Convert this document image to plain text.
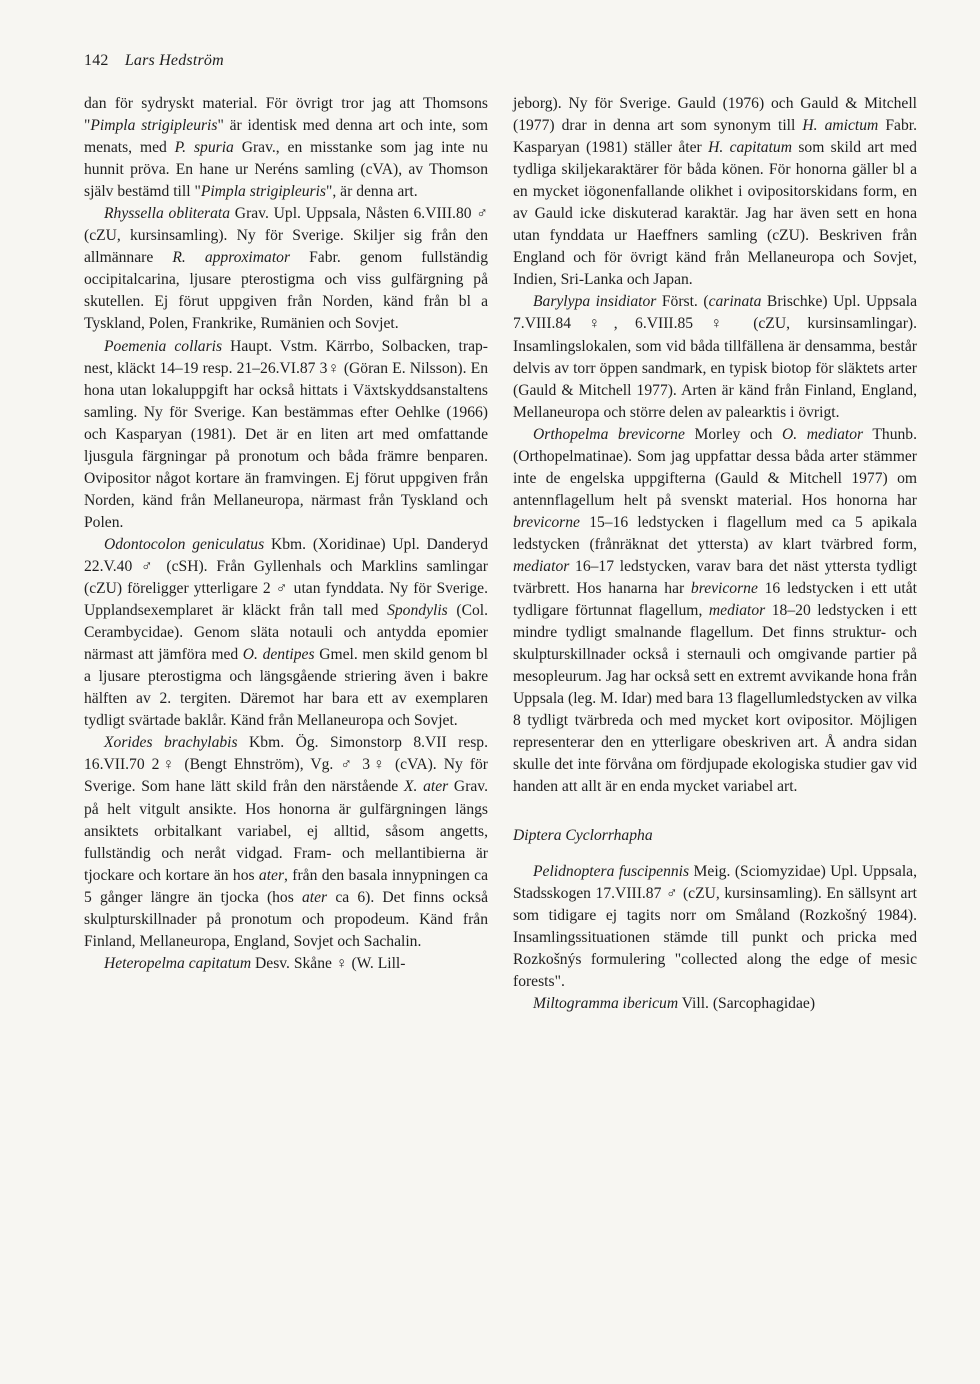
142 Lars Hedström

dan för sydryskt material. För övrigt tror jag att Thomsons "Pimpla strigipleuris" är identisk med denna art och inte, som menats, med P. spuria Grav., en misstanke som jag inte nu hunnit pröva. En hane ur Neréns samling (cVA), av Thomson själv bestämd till "Pimpla strigipleuris", är denna art.

Rhyssella obliterata Grav. Upl. Uppsala, Nåsten 6.VIII.80 ♂ (cZU, kursinsamling). Ny för Sverige. Skiljer sig från den allmännare R. approximator Fabr. genom fullständig occipitalcarina, ljusare pterostigma och viss gulfärgning på skutellen. Ej förut uppgiven från Norden, känd från bl a Tyskland, Polen, Frankrike, Rumänien och Sovjet.

Poemenia collaris Haupt. Vstm. Kärrbo, Solbacken, trap-nest, kläckt 14–19 resp. 21–26.VI.87 3♀ (Göran E. Nilsson). En hona utan lokaluppgift har också hittats i Växtskyddsanstaltens samling. Ny för Sverige. Kan bestämmas efter Oehlke (1966) och Kasparyan (1981). Det är en liten art med omfattande ljusgula färgningar på pronotum och båda främre benparen. Ovipositor något kortare än framvingen. Ej förut uppgiven från Norden, känd från Mellaneuropa, närmast från Tyskland och Polen.

Odontocolon geniculatus Kbm. (Xoridinae) Upl. Danderyd 22.V.40 ♂ (cSH). Från Gyllenhals och Marklins samlingar (cZU) föreligger ytterligare 2 ♂ utan fynddata. Ny för Sverige. Upplandsexemplaret är kläckt från tall med Spondylis (Col. Cerambycidae). Genom släta notauli och antydda epomier närmast att jämföra med O. dentipes Gmel. men skild genom bl a ljusare pterostigma och längsgående striering även i bakre hälften av 2. tergiten. Däremot har bara ett av exemplaren tydligt svärtade baklår. Känd från Mellaneuropa och Sovjet.

Xorides brachylabis Kbm. Ög. Simonstorp 8.VII resp. 16.VII.70 2♀ (Bengt Ehnström), Vg. ♂ 3♀ (cVA). Ny för Sverige. Som hane lätt skild från den närstående X. ater Grav. på helt vitgult ansikte. Hos honorna är gulfärgningen längs ansiktets orbitalkant variabel, ej alltid, såsom angetts, fullständig och neråt vidgad. Fram- och mellantibierna är tjockare och kortare än hos ater, från den basala innypningen ca 5 gånger längre än tjocka (hos ater ca 6). Det finns också skulpturskillnader på pronotum och propodeum. Känd från Finland, Mellaneuropa, England, Sovjet och Sachalin.

Heteropelma capitatum Desv. Skåne ♀ (W. Lill-

jeborg). Ny för Sverige. Gauld (1976) och Gauld & Mitchell (1977) drar in denna art som synonym till H. amictum Fabr. Kasparyan (1981) ställer åter H. capitatum som skild art med tydliga skiljekaraktärer för båda könen. För honorna gäller bl a en mycket iögonenfallande olikhet i ovipositorskidans form, en av Gauld icke diskuterad karaktär. Jag har även sett en hona utan fynddata ur Haeffners samling (cZU). Beskriven från England och för övrigt känd från Mellaneuropa och Sovjet, Indien, Sri-Lanka och Japan.

Barylypa insidiator Först. (carinata Brischke) Upl. Uppsala 7.VIII.84 ♀, 6.VIII.85 ♀ (cZU, kursinsamlingar). Insamlingslokalen, som vid båda tillfällena är densamma, består delvis av torr öppen sandmark, en typisk biotop för släktets arter (Gauld & Mitchell 1977). Arten är känd från Finland, England, Mellaneuropa och större delen av palearktis i övrigt.

Orthopelma brevicorne Morley och O. mediator Thunb. (Orthopelmatinae). Som jag uppfattar dessa båda arter stämmer inte de engelska uppgifterna (Gauld & Mitchell 1977) om antennflagellum helt på svenskt material. Hos honorna har brevicorne 15–16 ledstycken i flagellum med ca 5 apikala ledstycken (frånräknat det yttersta) av klart tvärbred form, mediator 16–17 ledstycken, varav bara det näst yttersta tydligt tvärbrett. Hos hanarna har brevicorne 16 ledstycken i ett utåt tydligare förtunnat flagellum, mediator 18–20 ledstycken i ett mindre tydligt smalnande flagellum. Det finns struktur- och skulpturskillnader också i sternauli och omgivande partier på mesopleurum. Jag har också sett en extremt avvikande hona från Uppsala (leg. M. Idar) med bara 13 flagellumledstycken av vilka 8 tydligt tvärbreda och med mycket kort ovipositor. Möjligen representerar den en ytterligare obeskriven art. Å andra sidan skulle det inte förvåna om fördjupade ekologiska studier gav vid handen att allt är en enda mycket variabel art.

Diptera Cyclorrhapha

Pelidnoptera fuscipennis Meig. (Sciomyzidae) Upl. Uppsala, Stadsskogen 17.VIII.87 ♂ (cZU, kursinsamling). En sällsynt art som tidigare ej tagits norr om Småland (Rozkošný 1984). Insamlingssituationen stämde till punkt och pricka med Rozkošnýs formulering "collected along the edge of mesic forests".

Miltogramma ibericum Vill. (Sarcophagidae)
